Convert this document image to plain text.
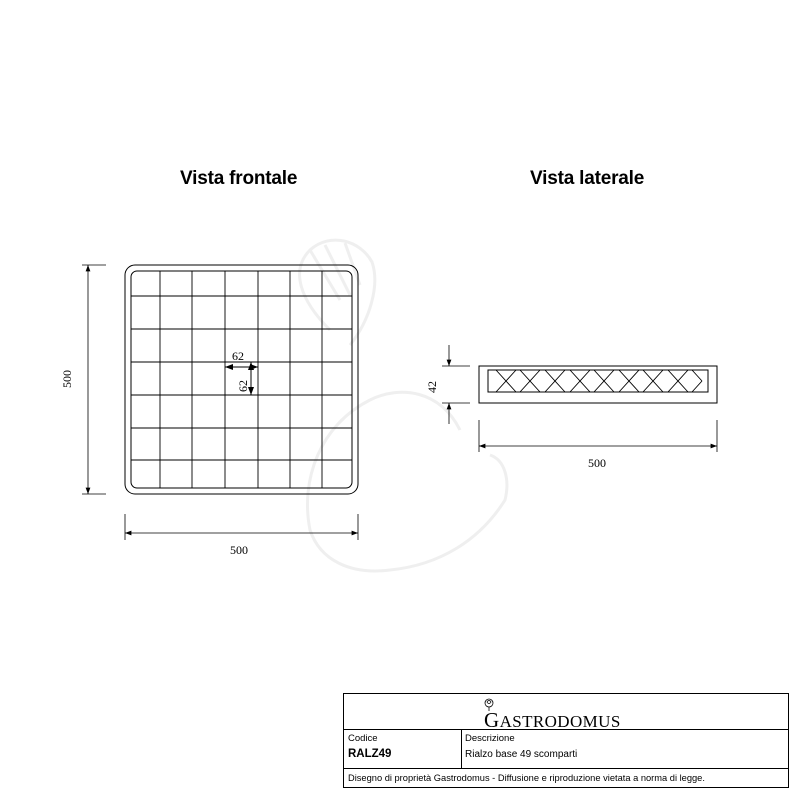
Vista frontale	Vista laterale
62
62
500
500
42
500
GASTRODOMUS
Codice
RALZ49
Descrizione
Rialzo base 49 scomparti
Disegno di proprietà Gastrodomus - Diffusione e riproduzione vietata a norma di legge.
